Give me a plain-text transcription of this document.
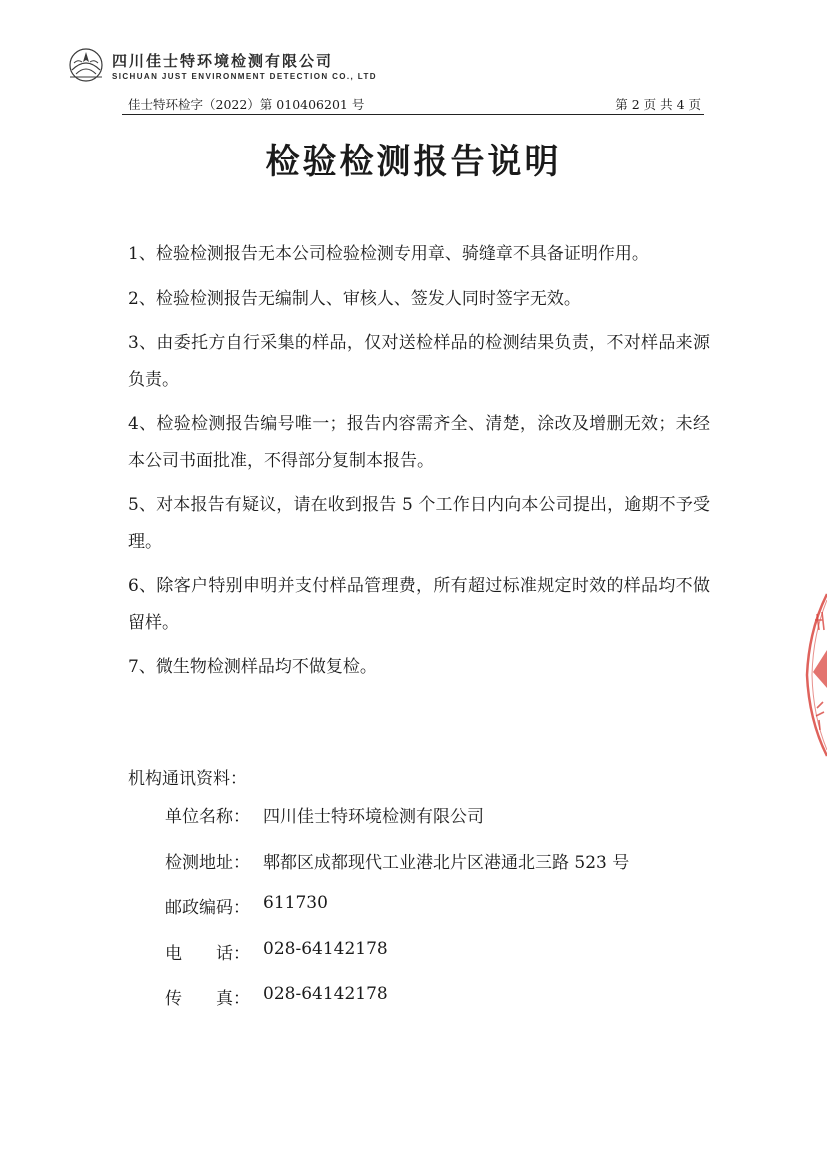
四川佳士特环境检测有限公司
SICHUAN JUST ENVIRONMENT DETECTION CO., LTD
佳士特环检字（2022）第 010406201 号	第 2 页 共 4 页
检验检测报告说明
1、检验检测报告无本公司检验检测专用章、骑缝章不具备证明作用。
2、检验检测报告无编制人、审核人、签发人同时签字无效。
3、由委托方自行采集的样品，仅对送检样品的检测结果负责，不对样品来源负责。
4、检验检测报告编号唯一；报告内容需齐全、清楚，涂改及增删无效；未经本公司书面批准，不得部分复制本报告。
5、对本报告有疑议，请在收到报告 5 个工作日内向本公司提出，逾期不予受理。
6、除客户特别申明并支付样品管理费，所有超过标准规定时效的样品均不做留样。
7、微生物检测样品均不做复检。
机构通讯资料：
单位名称： 四川佳士特环境检测有限公司
检测地址： 郫都区成都现代工业港北片区港通北三路 523 号
邮政编码： 611730
电　　话： 028-64142178
传　　真： 028-64142178
